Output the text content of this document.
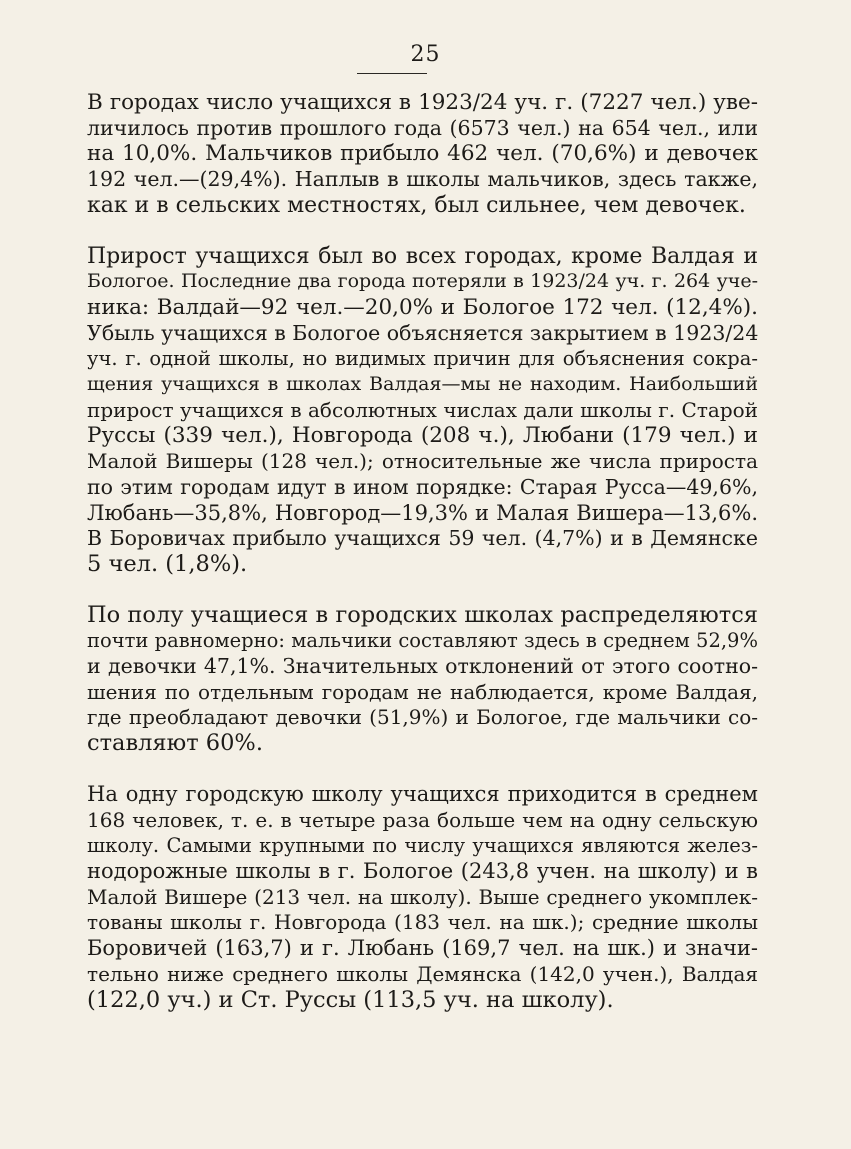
25

В городах число учащихся в 1923/24 уч. г. (7227 чел.) уве-
личилось против прошлого года (6573 чел.) на 654 чел., или
на 10,0%. Мальчиков прибыло 462 чел. (70,6%) и девочек
192 чел.—(29,4%). Наплыв в школы мальчиков, здесь также,
как и в сельских местностях, был сильнее, чем девочек.

Прирост учащихся был во всех городах, кроме Валдая и
Бологое. Последние два города потеряли в 1923/24 уч. г. 264 уче-
ника: Валдай—92 чел.—20,0% и Бологое 172 чел. (12,4%).
Убыль учащихся в Бологое объясняется закрытием в 1923/24
уч. г. одной школы, но видимых причин для объяснения сокра-
щения учащихся в школах Валдая—мы не находим. Наибольший
прирост учащихся в абсолютных числах дали школы г. Старой
Руссы (339 чел.), Новгорода (208 ч.), Любани (179 чел.) и
Малой Вишеры (128 чел.); относительные же числа прироста
по этим городам идут в ином порядке: Старая Русса—49,6%,
Любань—35,8%, Новгород—19,3% и Малая Вишера—13,6%.
В Боровичах прибыло учащихся 59 чел. (4,7%) и в Демянске
5 чел. (1,8%).

По полу учащиеся в городских школах распределяются
почти равномерно: мальчики составляют здесь в среднем 52,9%
и девочки 47,1%. Значительных отклонений от этого соотно-
шения по отдельным городам не наблюдается, кроме Валдая,
где преобладают девочки (51,9%) и Бологое, где мальчики со-
ставляют 60%.

На одну городскую школу учащихся приходится в среднем
168 человек, т. е. в четыре раза больше чем на одну сельскую
школу. Самыми крупными по числу учащихся являются желез-
нодорожные школы в г. Бологое (243,8 учен. на школу) и в
Малой Вишере (213 чел. на школу). Выше среднего укомплек-
тованы школы г. Новгорода (183 чел. на шк.); средние школы
Боровичей (163,7) и г. Любань (169,7 чел. на шк.) и значи-
тельно ниже среднего школы Демянска (142,0 учен.), Валдая
(122,0 уч.) и Ст. Руссы (113,5 уч. на школу).
